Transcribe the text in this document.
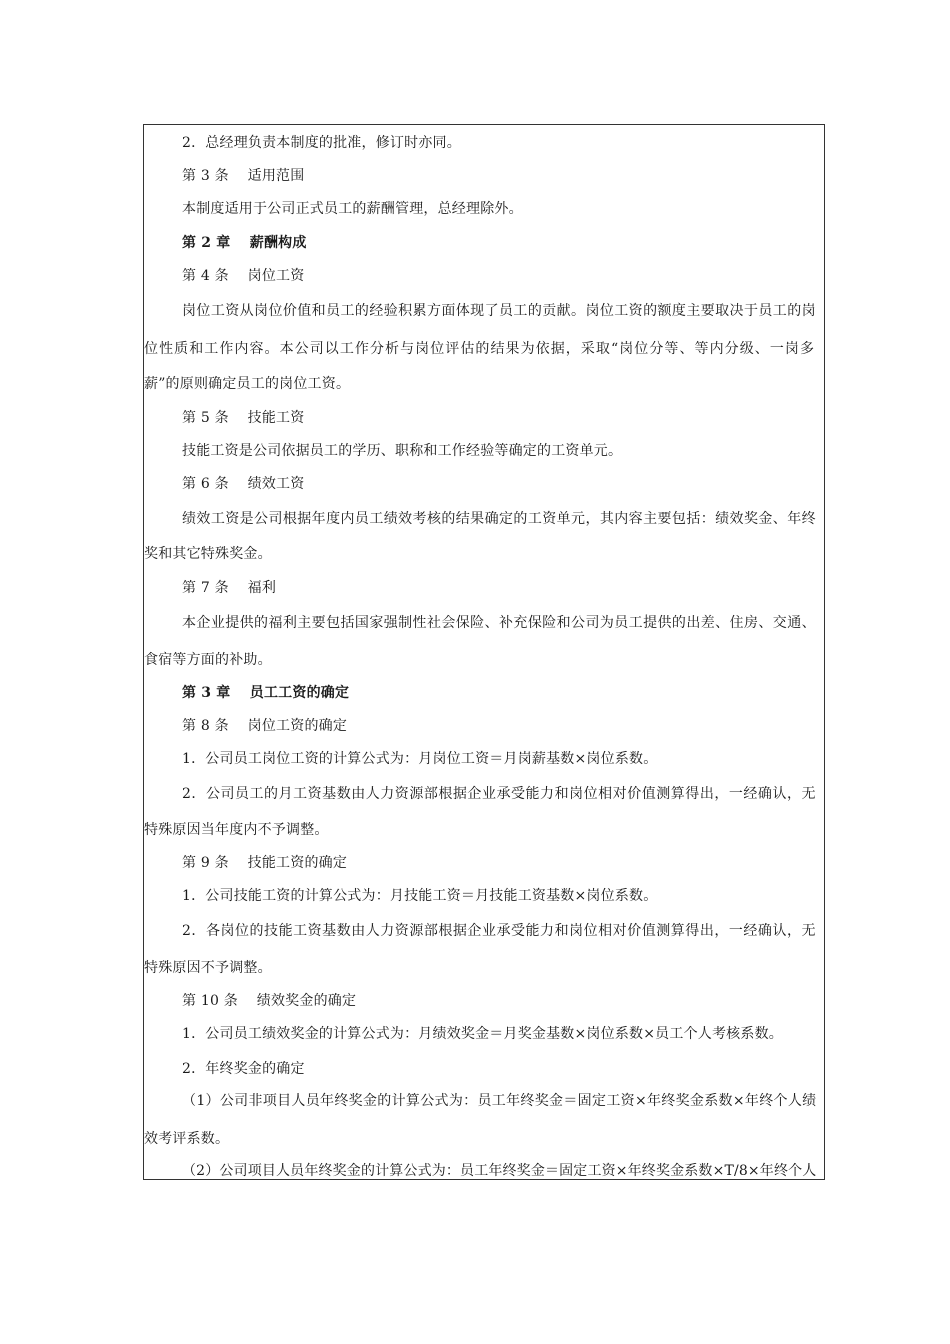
2．总经理负责本制度的批准，修订时亦同。
第 3 条　 适用范围
本制度适用于公司正式员工的薪酬管理，总经理除外。
第 2 章　 薪酬构成
第 4 条　 岗位工资
岗位工资从岗位价值和员工的经验积累方面体现了员工的贡献。岗位工资的额度主要取决于员工的岗
位性质和工作内容。本公司以工作分析与岗位评估的结果为依据，采取“岗位分等、等内分级、一岗多
薪”的原则确定员工的岗位工资。
第 5 条　 技能工资
技能工资是公司依据员工的学历、职称和工作经验等确定的工资单元。
第 6 条　 绩效工资
绩效工资是公司根据年度内员工绩效考核的结果确定的工资单元，其内容主要包括：绩效奖金、年终
奖和其它特殊奖金。
第 7 条　 福利
本企业提供的福利主要包括国家强制性社会保险、补充保险和公司为员工提供的出差、住房、交通、
食宿等方面的补助。
第 3 章　 员工工资的确定
第 8 条　 岗位工资的确定
1．公司员工岗位工资的计算公式为：月岗位工资＝月岗薪基数×岗位系数。
2．公司员工的月工资基数由人力资源部根据企业承受能力和岗位相对价值测算得出，一经确认，无
特殊原因当年度内不予调整。
第 9 条　 技能工资的确定
1．公司技能工资的计算公式为：月技能工资＝月技能工资基数×岗位系数。
2．各岗位的技能工资基数由人力资源部根据企业承受能力和岗位相对价值测算得出，一经确认，无
特殊原因不予调整。
第 10 条　 绩效奖金的确定
1．公司员工绩效奖金的计算公式为：月绩效奖金＝月奖金基数×岗位系数×员工个人考核系数。
2．年终奖金的确定
（1）公司非项目人员年终奖金的计算公式为：员工年终奖金＝固定工资×年终奖金系数×年终个人绩
效考评系数。
（2）公司项目人员年终奖金的计算公式为：员工年终奖金＝固定工资×年终奖金系数×T/8×年终个人
